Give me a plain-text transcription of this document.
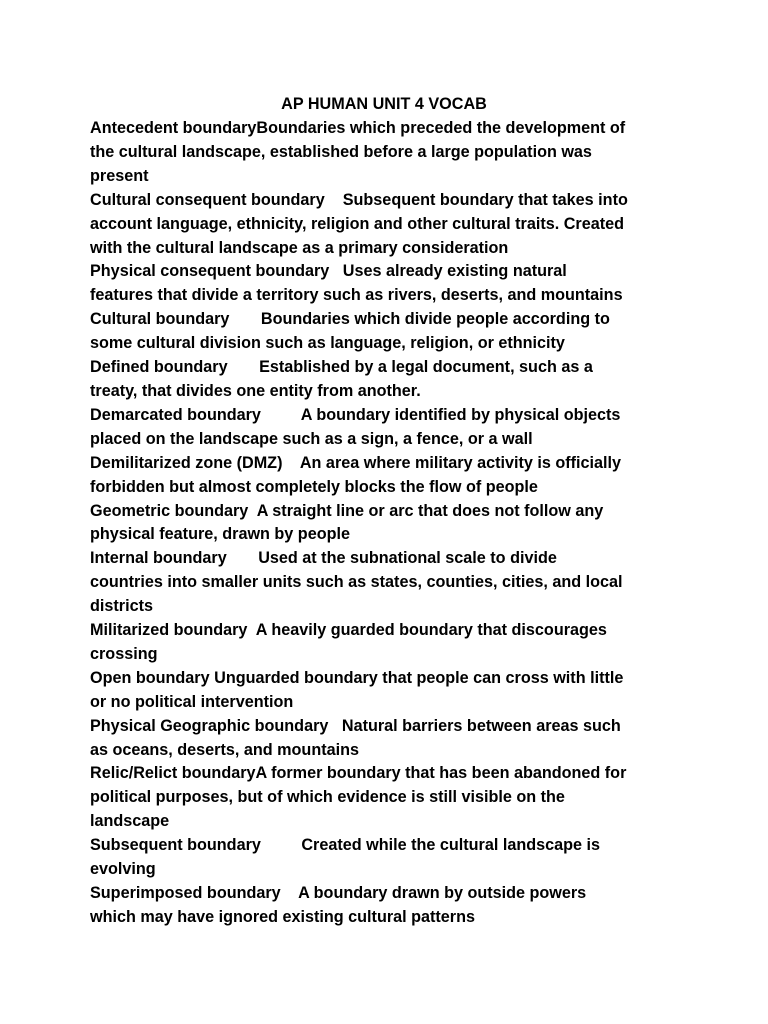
AP HUMAN UNIT 4 VOCAB

Antecedent boundaryBoundaries which preceded the development of
the cultural landscape, established before a large population was
present

Cultural consequent boundary    Subsequent boundary that takes into
account language, ethnicity, religion and other cultural traits. Created
with the cultural landscape as a primary consideration

Physical consequent boundary   Uses already existing natural
features that divide a territory such as rivers, deserts, and mountains

Cultural boundary       Boundaries which divide people according to
some cultural division such as language, religion, or ethnicity

Defined boundary       Established by a legal document, such as a
treaty, that divides one entity from another.

Demarcated boundary         A boundary identified by physical objects
placed on the landscape such as a sign, a fence, or a wall

Demilitarized zone (DMZ)    An area where military activity is officially
forbidden but almost completely blocks the flow of people

Geometric boundary  A straight line or arc that does not follow any
physical feature, drawn by people

Internal boundary       Used at the subnational scale to divide
countries into smaller units such as states, counties, cities, and local
districts

Militarized boundary  A heavily guarded boundary that discourages
crossing

Open boundary Unguarded boundary that people can cross with little
or no political intervention

Physical Geographic boundary   Natural barriers between areas such
as oceans, deserts, and mountains

Relic/Relict boundaryA former boundary that has been abandoned for
political purposes, but of which evidence is still visible on the
landscape

Subsequent boundary         Created while the cultural landscape is
evolving

Superimposed boundary    A boundary drawn by outside powers
which may have ignored existing cultural patterns
